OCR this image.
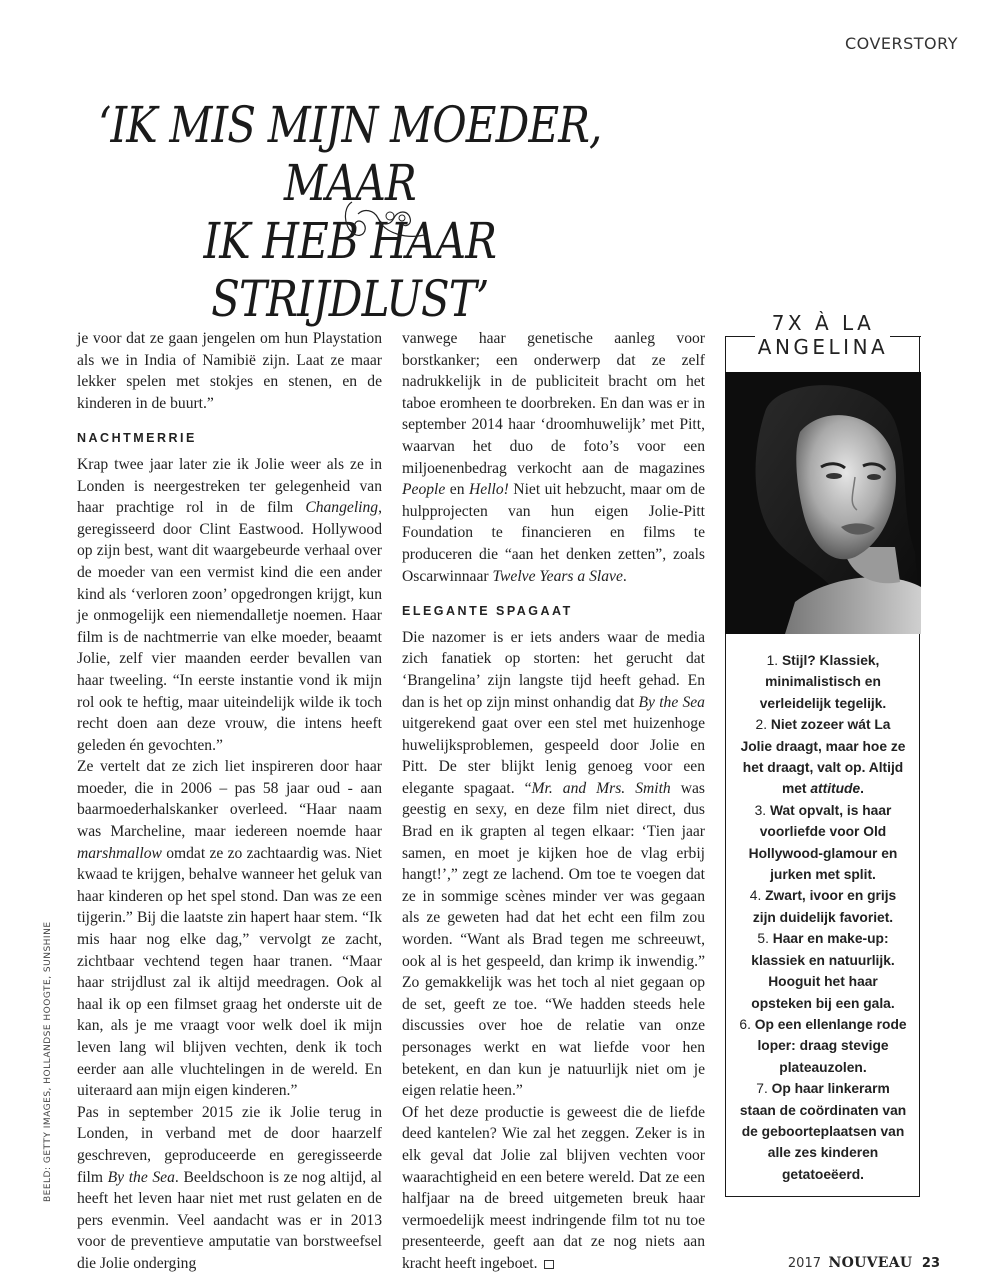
COVERSTORY
‘IK MIS MIJN MOEDER, MAAR
IK HEB HAAR STRIJDLUST’
BEELD: GETTY IMAGES, HOLLANDSE HOOGTE, SUNSHINE

je voor dat ze gaan jengelen om hun Playstation als we in India of Namibië zijn. Laat ze maar lekker spelen met stokjes en stenen, en de kinderen in de buurt.”

NACHTMERRIE

Krap twee jaar later zie ik Jolie weer als ze in Londen is neergestreken ter gelegenheid van haar prachtige rol in de film Changeling, geregisseerd door Clint Eastwood. Hollywood op zijn best, want dit waargebeurde verhaal over de moeder van een vermist kind die een ander kind als ‘verloren zoon’ opgedrongen krijgt, kun je onmogelijk een niemendalletje noemen. Haar film is de nachtmerrie van elke moeder, beaamt Jolie, zelf vier maanden eerder bevallen van haar tweeling. “In eerste instantie vond ik mijn rol ook te heftig, maar uiteindelijk wilde ik toch recht doen aan deze vrouw, die intens heeft geleden én gevochten.”

Ze vertelt dat ze zich liet inspireren door haar moeder, die in 2006 – pas 58 jaar oud - aan baarmoederhalskanker overleed. “Haar naam was Marcheline, maar iedereen noemde haar marshmallow omdat ze zo zachtaardig was. Niet kwaad te krijgen, behalve wanneer het geluk van haar kinderen op het spel stond. Dan was ze een tijgerin.” Bij die laatste zin hapert haar stem. “Ik mis haar nog elke dag,” vervolgt ze zacht, zichtbaar vechtend tegen haar tranen. “Maar haar strijdlust zal ik altijd meedragen. Ook al haal ik op een filmset graag het onderste uit de kan, als je me vraagt voor welk doel ik mijn leven lang wil blijven vechten, denk ik toch eerder aan alle vluchtelingen in de wereld. En uiteraard aan mijn eigen kinderen.”

Pas in september 2015 zie ik Jolie terug in Londen, in verband met de door haarzelf geschreven, geproduceerde en geregisseerde film By the Sea. Beeldschoon is ze nog altijd, al heeft het leven haar niet met rust gelaten en de pers evenmin. Veel aandacht was er in 2013 voor de preventieve amputatie van borstweefsel die Jolie onderging

vanwege haar genetische aanleg voor borstkanker; een onderwerp dat ze zelf nadrukkelijk in de publiciteit bracht om het taboe eromheen te doorbreken. En dan was er in september 2014 haar ‘droomhuwelijk’ met Pitt, waarvan het duo de foto’s voor een miljoenenbedrag verkocht aan de magazines People en Hello! Niet uit hebzucht, maar om de hulpprojecten van hun eigen Jolie-Pitt Foundation te financieren en films te produceren die “aan het denken zetten”, zoals Oscarwinnaar Twelve Years a Slave.

ELEGANTE SPAGAAT

Die nazomer is er iets anders waar de media zich fanatiek op storten: het gerucht dat ‘Brangelina’ zijn langste tijd heeft gehad. En dan is het op zijn minst onhandig dat By the Sea uitgerekend gaat over een stel met huizenhoge huwelijksproblemen, gespeeld door Jolie en Pitt. De ster blijkt lenig genoeg voor een elegante spagaat. “Mr. and Mrs. Smith was geestig en sexy, en deze film niet direct, dus Brad en ik grapten al tegen elkaar: ‘Tien jaar samen, en moet je kijken hoe de vlag erbij hangt!’,” zegt ze lachend. Om toe te voegen dat ze in sommige scènes minder ver was gegaan als ze geweten had dat het echt een film zou worden. “Want als Brad tegen me schreeuwt, ook al is het gespeeld, dan krimp ik inwendig.” Zo gemakkelijk was het toch al niet gegaan op de set, geeft ze toe. “We hadden steeds hele discussies over hoe de relatie van onze personages werkt en wat liefde voor hen betekent, en dan kun je natuurlijk niet om je eigen relatie heen.”

Of het deze productie is geweest die de liefde deed kantelen? Wie zal het zeggen. Zeker is in elk geval dat Jolie zal blijven vechten voor waarachtigheid en een betere wereld. Dat ze een halfjaar na de breed uitgemeten breuk haar vermoedelijk meest indringende film tot nu toe presenteerde, geeft aan dat ze nog niets aan kracht heeft ingeboet.

7X À LA
ANGELINA
1. Stijl? Klassiek, minimalistisch en verleidelijk tegelijk.
2. Niet zozeer wát La Jolie draagt, maar hoe ze het draagt, valt op. Altijd met attitude.
3. Wat opvalt, is haar voorliefde voor Old Hollywood-glamour en jurken met split.
4. Zwart, ivoor en grijs zijn duidelijk favoriet.
5. Haar en make-up: klassiek en natuurlijk. Hooguit het haar opsteken bij een gala.
6. Op een ellenlange rode loper: draag stevige plateauzolen.
7. Op haar linkerarm staan de coördinaten van de geboorteplaatsen van alle zes kinderen getatoeëerd.
2017 NOUVEAU 23
